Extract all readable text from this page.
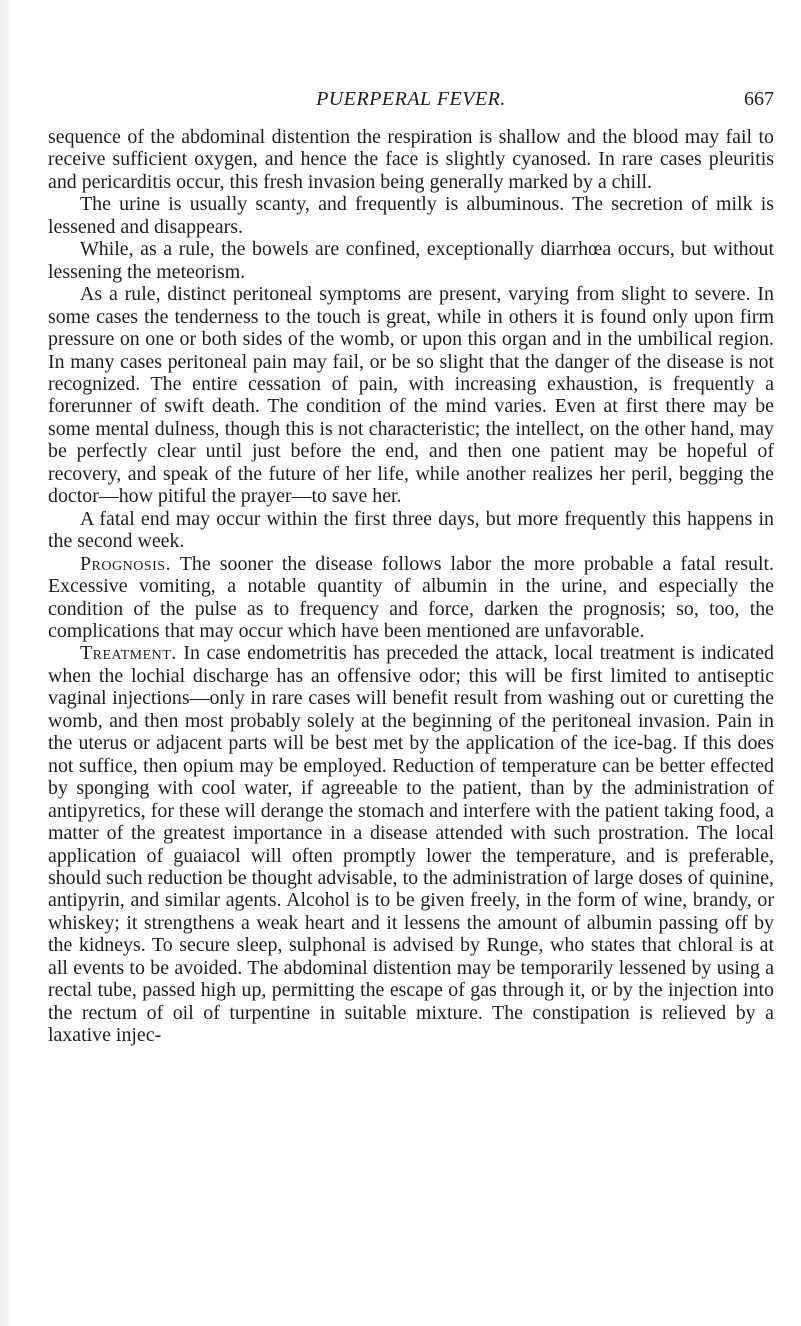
PUERPERAL FEVER.	667

sequence of the abdominal distention the respiration is shallow and the blood may fail to receive sufficient oxygen, and hence the face is slightly cyanosed. In rare cases pleuritis and pericarditis occur, this fresh invasion being generally marked by a chill.

The urine is usually scanty, and frequently is albuminous. The secretion of milk is lessened and disappears.

While, as a rule, the bowels are confined, exceptionally diarrhœa occurs, but without lessening the meteorism.

As a rule, distinct peritoneal symptoms are present, varying from slight to severe. In some cases the tenderness to the touch is great, while in others it is found only upon firm pressure on one or both sides of the womb, or upon this organ and in the umbilical region. In many cases peritoneal pain may fail, or be so slight that the danger of the disease is not recognized. The entire cessation of pain, with increasing exhaustion, is frequently a forerunner of swift death. The condition of the mind varies. Even at first there may be some mental dulness, though this is not characteristic; the intellect, on the other hand, may be perfectly clear until just before the end, and then one patient may be hopeful of recovery, and speak of the future of her life, while another realizes her peril, begging the doctor—how pitiful the prayer—to save her.

A fatal end may occur within the first three days, but more frequently this happens in the second week.

Prognosis. The sooner the disease follows labor the more probable a fatal result. Excessive vomiting, a notable quantity of albumin in the urine, and especially the condition of the pulse as to frequency and force, darken the prognosis; so, too, the complications that may occur which have been mentioned are unfavorable.

Treatment. In case endometritis has preceded the attack, local treatment is indicated when the lochial discharge has an offensive odor; this will be first limited to antiseptic vaginal injections—only in rare cases will benefit result from washing out or curetting the womb, and then most probably solely at the beginning of the peritoneal invasion. Pain in the uterus or adjacent parts will be best met by the application of the ice-bag. If this does not suffice, then opium may be employed. Reduction of temperature can be better effected by sponging with cool water, if agreeable to the patient, than by the administration of antipyretics, for these will derange the stomach and interfere with the patient taking food, a matter of the greatest importance in a disease attended with such prostration. The local application of guaiacol will often promptly lower the temperature, and is preferable, should such reduction be thought advisable, to the administration of large doses of quinine, antipyrin, and similar agents. Alcohol is to be given freely, in the form of wine, brandy, or whiskey; it strengthens a weak heart and it lessens the amount of albumin passing off by the kidneys. To secure sleep, sulphonal is advised by Runge, who states that chloral is at all events to be avoided. The abdominal distention may be temporarily lessened by using a rectal tube, passed high up, permitting the escape of gas through it, or by the injection into the rectum of oil of turpentine in suitable mixture. The constipation is relieved by a laxative injec-
